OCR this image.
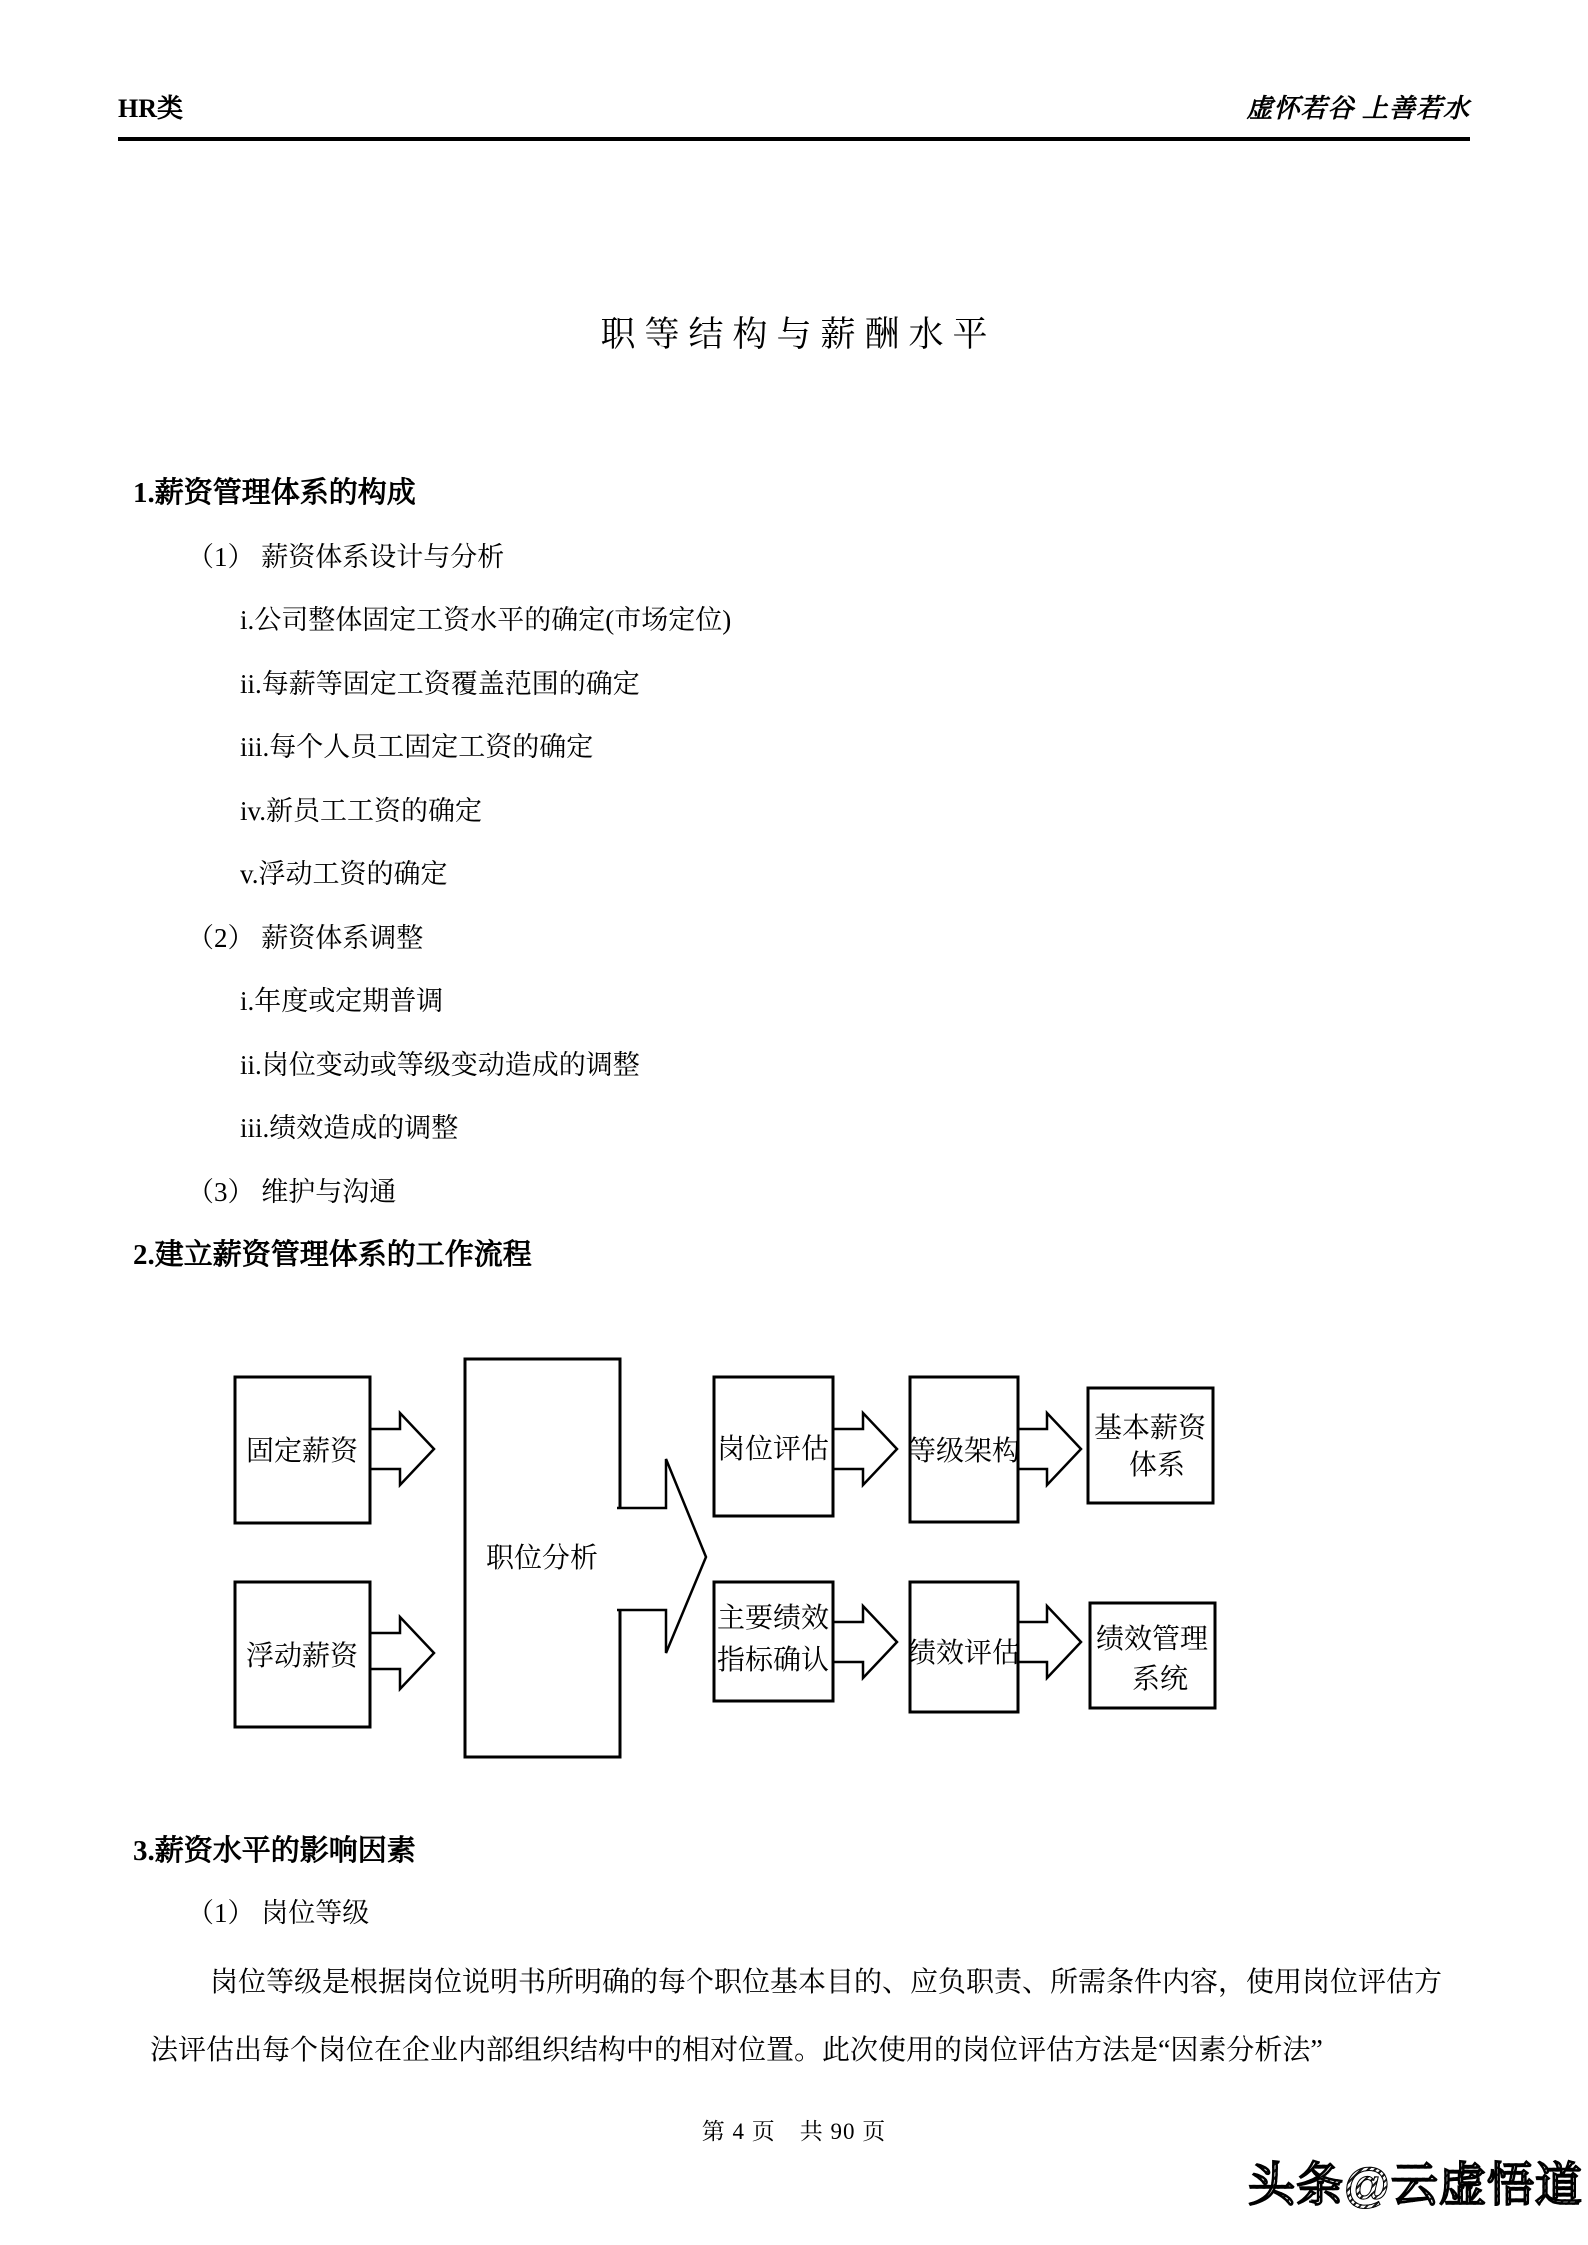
HR类	虚怀若谷 上善若水
职等结构与薪酬水平
1.薪资管理体系的构成
（1） 薪资体系设计与分析
i.公司整体固定工资水平的确定(市场定位)
ii.每薪等固定工资覆盖范围的确定
iii.每个人员工固定工资的确定
iv.新员工工资的确定
v.浮动工资的确定
（2） 薪资体系调整
i.年度或定期普调
ii.岗位变动或等级变动造成的调整
iii.绩效造成的调整
（3） 维护与沟通
2.建立薪资管理体系的工作流程
固定薪资
浮动薪资
职位分析
岗位评估	等级架构
基本薪资
体系
主要绩效
指标确认	绩效评估	绩效管理
系统
3.薪资水平的影响因素
（1） 岗位等级
岗位等级是根据岗位说明书所明确的每个职位基本目的、应负职责、所需条件内容，使用岗位评估方
法评估出每个岗位在企业内部组织结构中的相对位置。此次使用的岗位评估方法是“因素分析法”
第 4 页　共 90 页
头条@云虚悟道
